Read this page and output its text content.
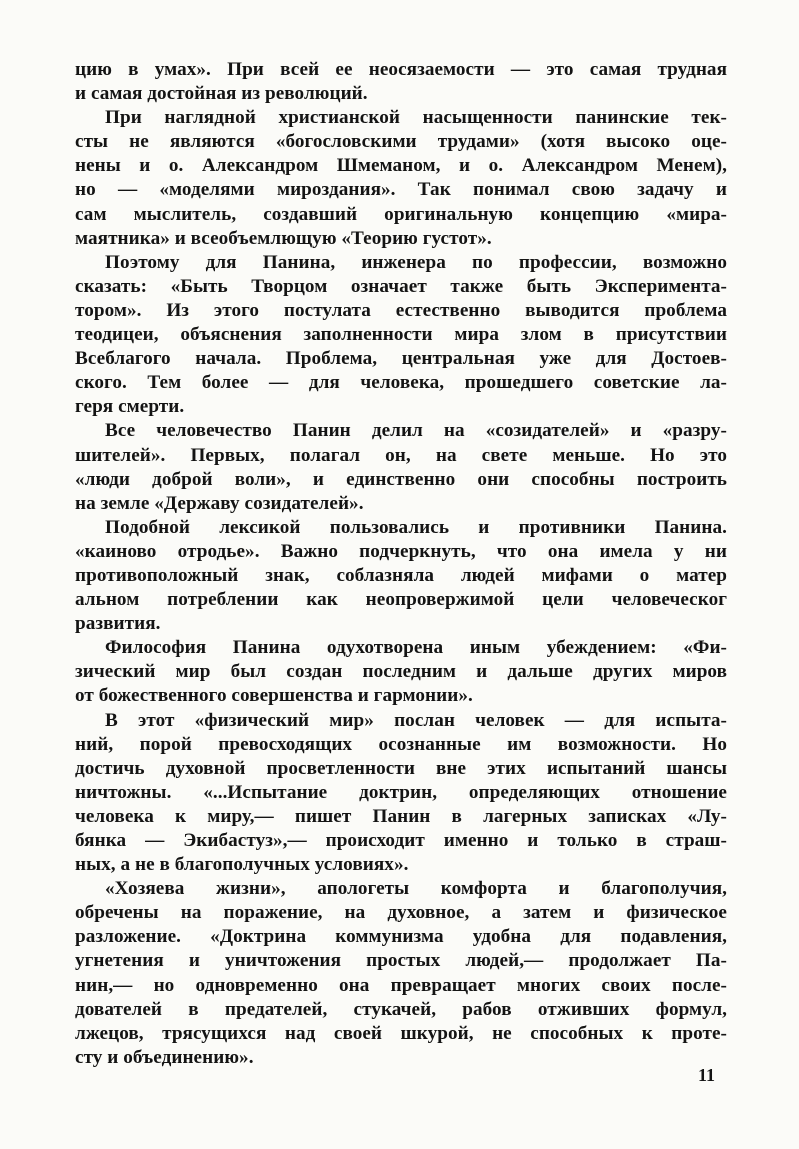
цию в умах». При всей ее неосязаемости — это самая трудная
и самая достойная из революций.
При наглядной христианской насыщенности панинские тек-
сты не являются «богословскими трудами» (хотя высоко оце-
нены и о. Александром Шмеманом, и о. Александром Менем),
но — «моделями мироздания». Так понимал свою задачу и
сам мыслитель, создавший оригинальную концепцию «мира-
маятника» и всеобъемлющую «Теорию густот».
Поэтому для Панина, инженера по профессии, возможно
сказать: «Быть Творцом означает также быть Эксперимента-
тором». Из этого постулата естественно выводится проблема
теодицеи, объяснения заполненности мира злом в присутствии
Всеблагого начала. Проблема, центральная уже для Достоев-
ского. Тем более — для человека, прошедшего советские ла-
геря смерти.
Все человечество Панин делил на «созидателей» и «разру-
шителей». Первых, полагал он, на свете меньше. Но это
«люди доброй воли», и единственно они способны построить
на земле «Державу созидателей».
Подобной лексикой пользовались и противники Панина.
«каиново отродье». Важно подчеркнуть, что она имела у ни
противоположный знак, соблазняла людей мифами о матер
альном потреблении как неопровержимой цели человеческог
развития.
Философия Панина одухотворена иным убеждением: «Фи-
зический мир был создан последним и дальше других миров
от божественного совершенства и гармонии».
В этот «физический мир» послан человек — для испыта-
ний, порой превосходящих осознанные им возможности. Но
достичь духовной просветленности вне этих испытаний шансы
ничтожны. «...Испытание доктрин, определяющих отношение
человека к миру,— пишет Панин в лагерных записках «Лу-
бянка — Экибастуз»,— происходит именно и только в страш-
ных, а не в благополучных условиях».
«Хозяева жизни», апологеты комфорта и благополучия,
обречены на поражение, на духовное, а затем и физическое
разложение. «Доктрина коммунизма удобна для подавления,
угнетения и уничтожения простых людей,— продолжает Па-
нин,— но одновременно она превращает многих своих после-
дователей в предателей, стукачей, рабов отживших формул,
лжецов, трясущихся над своей шкурой, не способных к проте-
сту и объединению».
11
